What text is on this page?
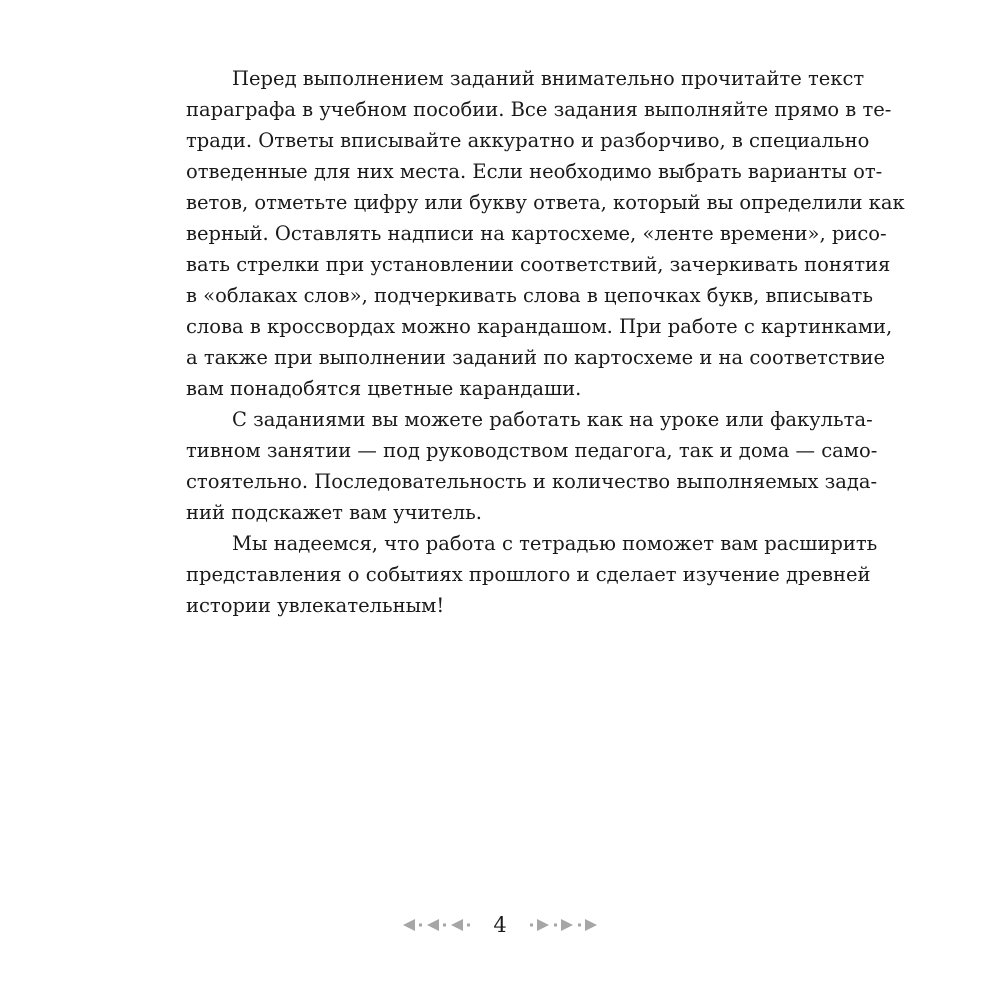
Перед выполнением заданий внимательно прочитайте текст
параграфа в учебном пособии. Все задания выполняйте прямо в те-
тради. Ответы вписывайте аккуратно и разборчиво, в специально
отведенные для них места. Если необходимо выбрать варианты от-
ветов, отметьте цифру или букву ответа, который вы определили как
верный. Оставлять надписи на картосхеме, «ленте времени», рисо-
вать стрелки при установлении соответствий, зачеркивать понятия
в «облаках слов», подчеркивать слова в цепочках букв, вписывать
слова в кроссвордах можно карандашом. При работе с картинками,
а также при выполнении заданий по картосхеме и на соответствие
вам понадобятся цветные карандаши.
С заданиями вы можете работать как на уроке или факульта-
тивном занятии — под руководством педагога, так и дома — само-
стоятельно. Последовательность и количество выполняемых зада-
ний подскажет вам учитель.
Мы надеемся, что работа с тетрадью поможет вам расширить
представления о событиях прошлого и сделает изучение древней
истории увлекательным!
4
